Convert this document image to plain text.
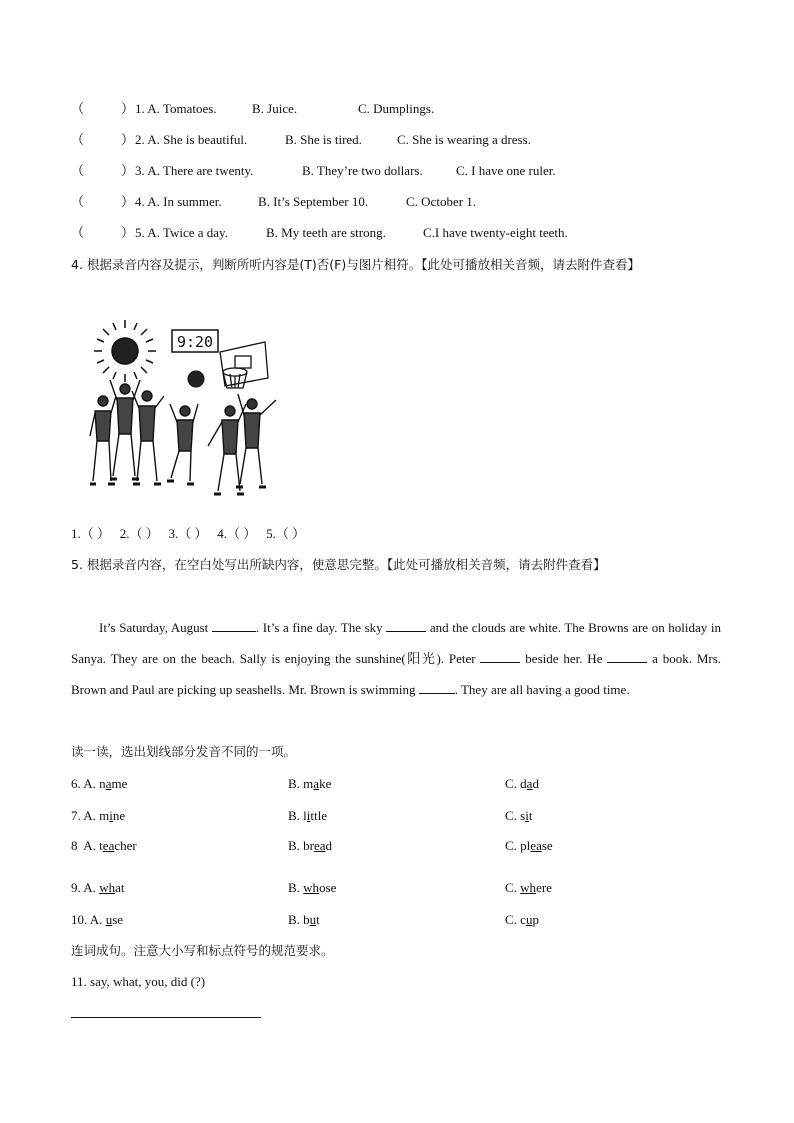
（	） 1. A. Tomatoes.	B. Juice.	C. Dumplings.
（	） 2. A. She is beautiful.	B. She is tired.	C. She is wearing a dress.
（	） 3. A. There are twenty.	B. They’re two dollars.	C. I have one ruler.
（	） 4. A. In summer.	B. It’s September 10.	C. October 1.
（	） 5. A. Twice a day.	B. My teeth are strong.	C.I have twenty-eight teeth.
4. 根据录音内容及提示，判断所听内容是(T)否(F)与图片相符。【此处可播放相关音频，请去附件查看】
9:20
1.（ ） 2.（ ） 3.（ ） 4.（ ） 5.（ ）
5. 根据录音内容，在空白处写出所缺内容，使意思完整。【此处可播放相关音频，请去附件查看】
It’s Saturday, August	. It’s a fine day. The sky	and the clouds are white. The Browns are on holiday in Sanya. They are on the beach. Sally is enjoying the sunshine(阳光). Peter	beside her. He	a book. Mrs. Brown and Paul are picking up seashells. Mr. Brown is swimming	. They are all having a good time.
读一读，选出划线部分发音不同的一项。
6. A. name	B. make	C. dad
7. A. mine	B. little	C. sit
8  A. teacher	B. bread	C. please
9. A. what	B. whose	C. where
10. A. use	B. but	C. cup
连词成句。注意大小写和标点符号的规范要求。
11. say, what, you, did (?)
